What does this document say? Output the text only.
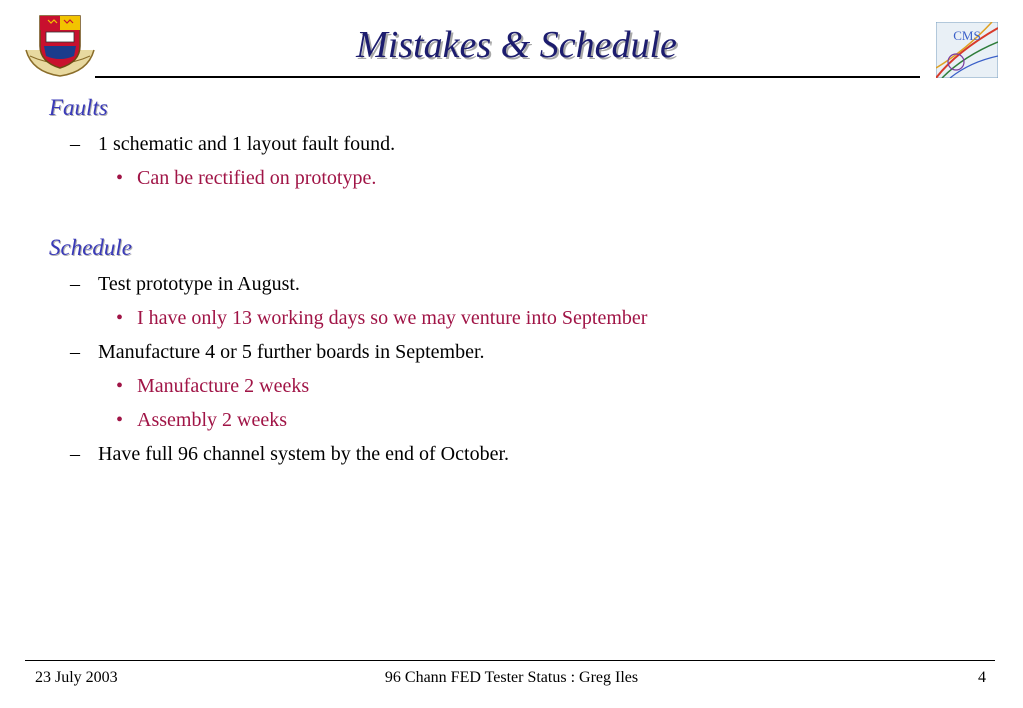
Mistakes & Schedule	CMS
Faults
– 1 schematic and 1 layout fault found.
• Can be rectified on prototype.
Schedule
– Test prototype in August.
• I have only 13 working days so we may venture into September
– Manufacture 4 or 5 further boards in September.
• Manufacture 2 weeks
• Assembly 2 weeks
– Have full 96 channel system by the end of October.
23 July 2003	96 Chann FED Tester Status : Greg Iles	4
